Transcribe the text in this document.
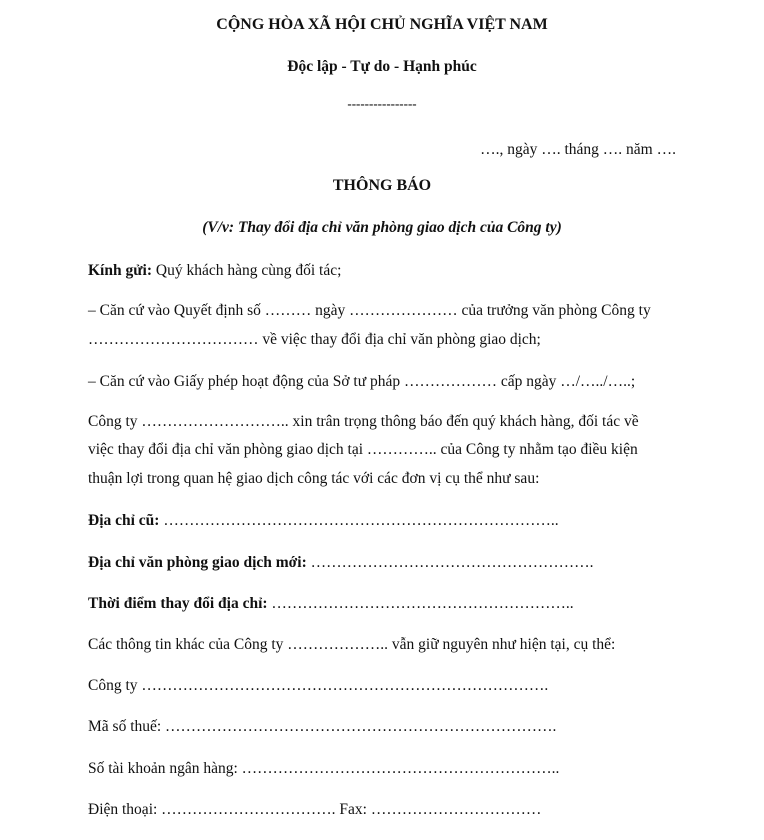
CỘNG HÒA XÃ HỘI CHỦ NGHĨA VIỆT NAM
Độc lập - Tự do - Hạnh phúc
----------------
…., ngày …. tháng …. năm ….
THÔNG BÁO
(V/v: Thay đổi địa chỉ văn phòng giao dịch của Công ty)
Kính gửi: Quý khách hàng cùng đối tác;
– Căn cứ vào Quyết định số ……… ngày ………………… của trưởng văn phòng Công ty
…………………………… về việc thay đổi địa chỉ văn phòng giao dịch;
– Căn cứ vào Giấy phép hoạt động của Sở tư pháp ……………… cấp ngày …/…../…..;
Công ty ……………………….. xin trân trọng thông báo đến quý khách hàng, đối tác về
việc thay đổi địa chỉ văn phòng giao dịch tại ………….. của Công ty nhằm tạo điều kiện
thuận lợi trong quan hệ giao dịch công tác với các đơn vị cụ thể như sau:
Địa chỉ cũ: …………………………………………………………………..
Địa chỉ văn phòng giao dịch mới: ……………………………………………….
Thời điểm thay đổi địa chỉ: …………………………………………………..
Các thông tin khác của Công ty ……………….. vẫn giữ nguyên như hiện tại, cụ thể:
Công ty …………………………………………………………………….
Mã số thuế: ………………………………………………………………….
Số tài khoản ngân hàng: ……………………………………………………..
Điện thoại: ……………………………. Fax: ……………………………
